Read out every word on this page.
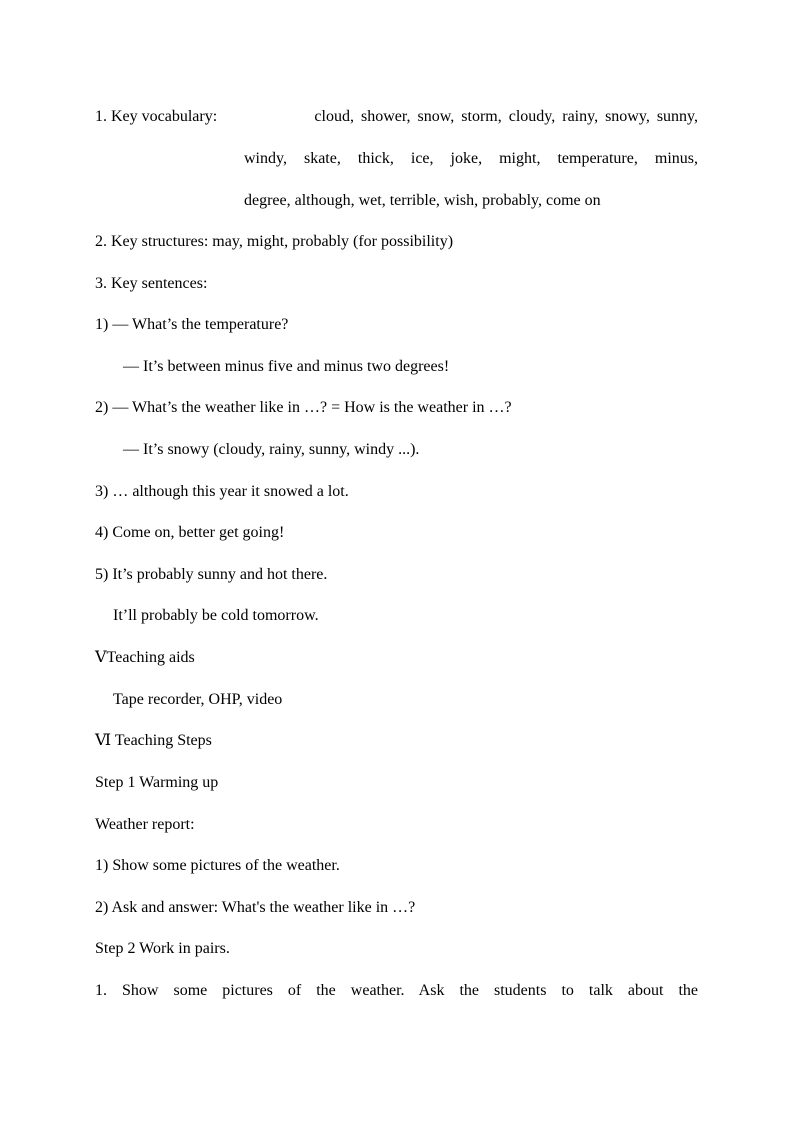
1. Key vocabulary:	cloud, shower, snow, storm, cloudy, rainy, snowy, sunny,
windy, skate, thick, ice, joke, might, temperature, minus,
degree, although, wet, terrible, wish, probably, come on
2. Key structures: may, might, probably (for possibility)
3. Key sentences:
1) — What’s the temperature?
— It’s between minus five and minus two degrees!
2) — What’s the weather like in …? = How is the weather in …?
— It’s snowy (cloudy, rainy, sunny, windy ...).
3) … although this year it snowed a lot.
4) Come on, better get going!
5) It’s probably sunny and hot there.
It’ll probably be cold tomorrow.
ⅤTeaching aids
Tape recorder, OHP, video
Ⅵ Teaching Steps
Step 1 Warming up
Weather report:
1) Show some pictures of the weather.
2) Ask and answer: What's the weather like in …?
Step 2 Work in pairs.
1. Show some pictures of the weather. Ask the students to talk about the
